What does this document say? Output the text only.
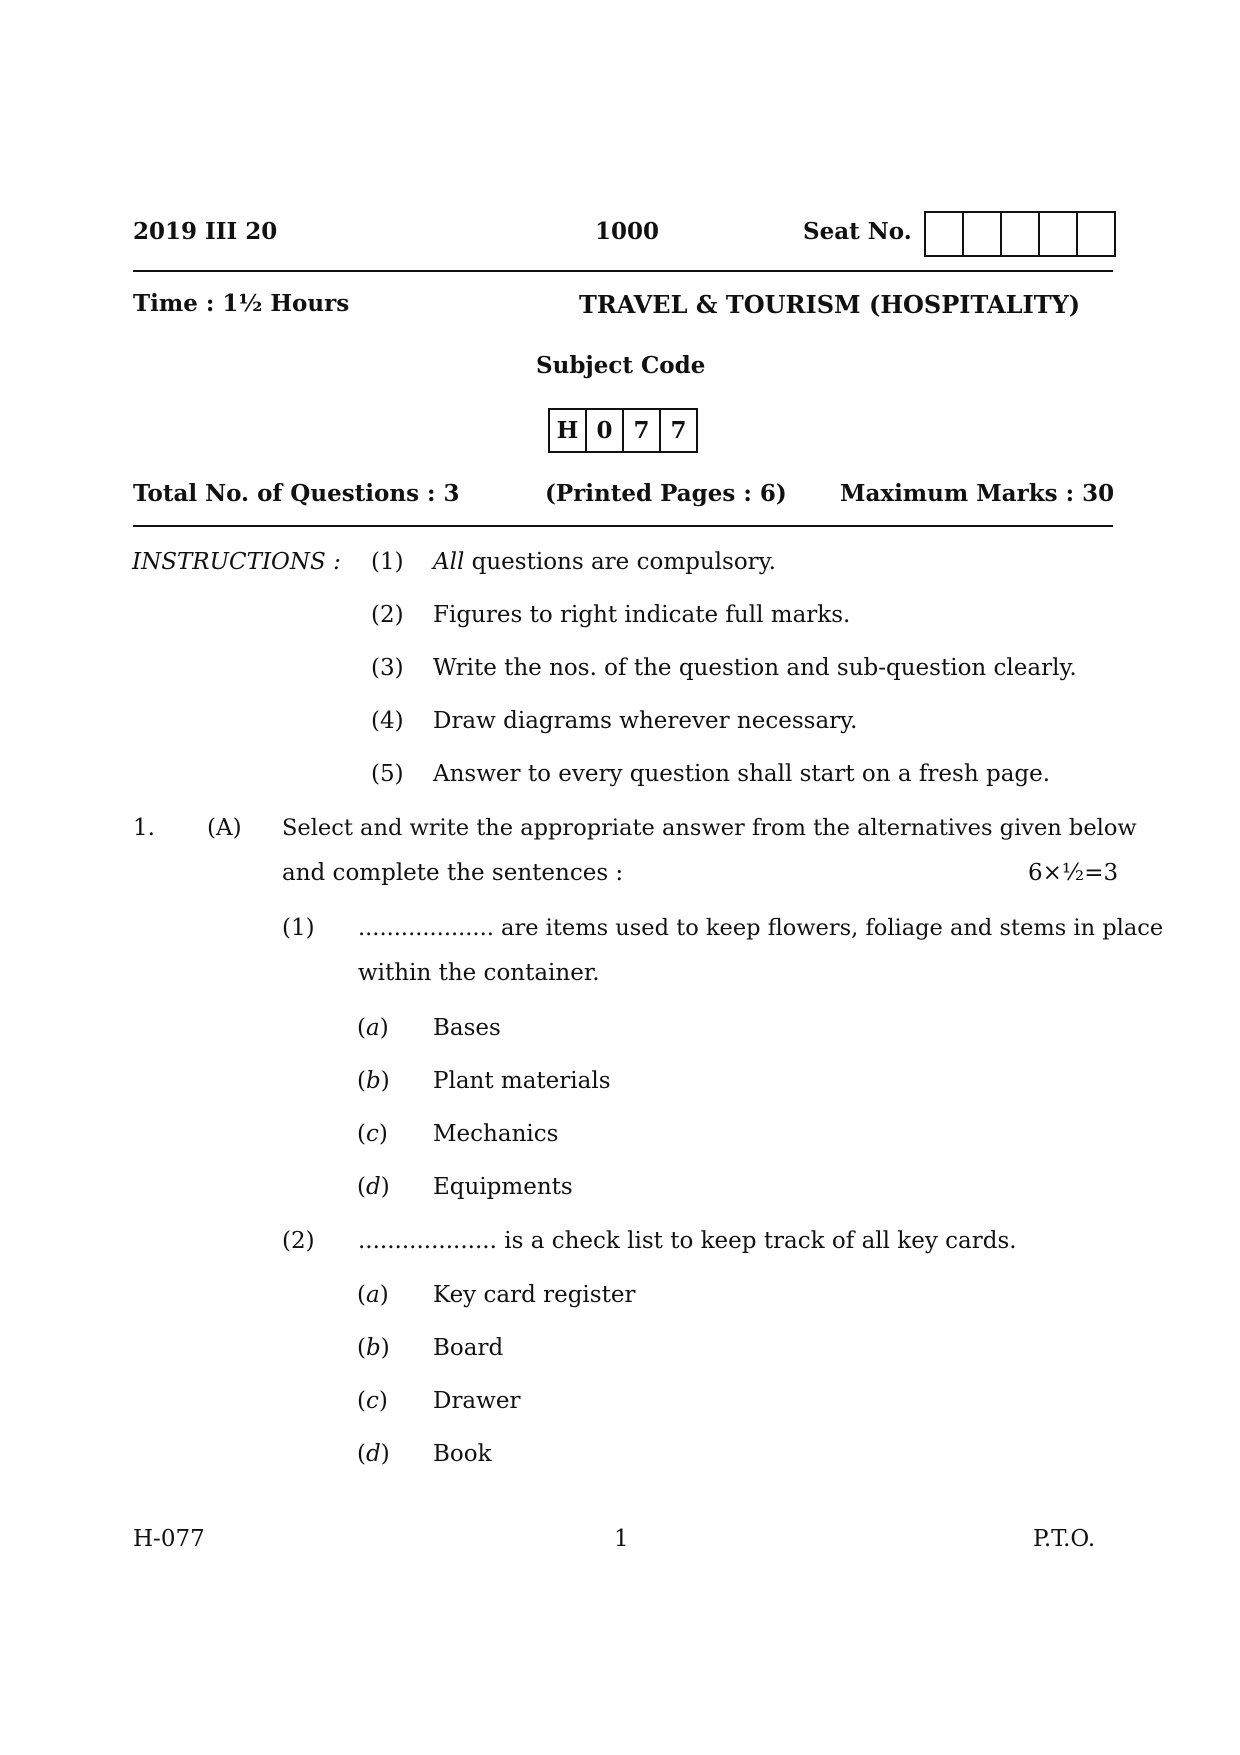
2019 III 20	1000	Seat No.
Time : 1½ Hours	TRAVEL & TOURISM (HOSPITALITY)
Subject Code
H 0 7 7
Total No. of Questions : 3	(Printed Pages : 6) Maximum Marks : 30
INSTRUCTIONS : (1) All questions are compulsory.
(2) Figures to right indicate full marks.
(3) Write the nos. of the question and sub-question clearly.
(4) Draw diagrams wherever necessary.
(5) Answer to every question shall start on a fresh page.
1. (A) Select and write the appropriate answer from the alternatives given below
and complete the sentences :	6×½=3
(1) ................... are items used to keep flowers, foliage and stems in place
within the container.
(a) Bases
(b) Plant materials
(c) Mechanics
(d) Equipments
(2) ................... is a check list to keep track of all key cards.
(a) Key card register
(b) Board
(c) Drawer
(d) Book
H-077	1	P.T.O.
